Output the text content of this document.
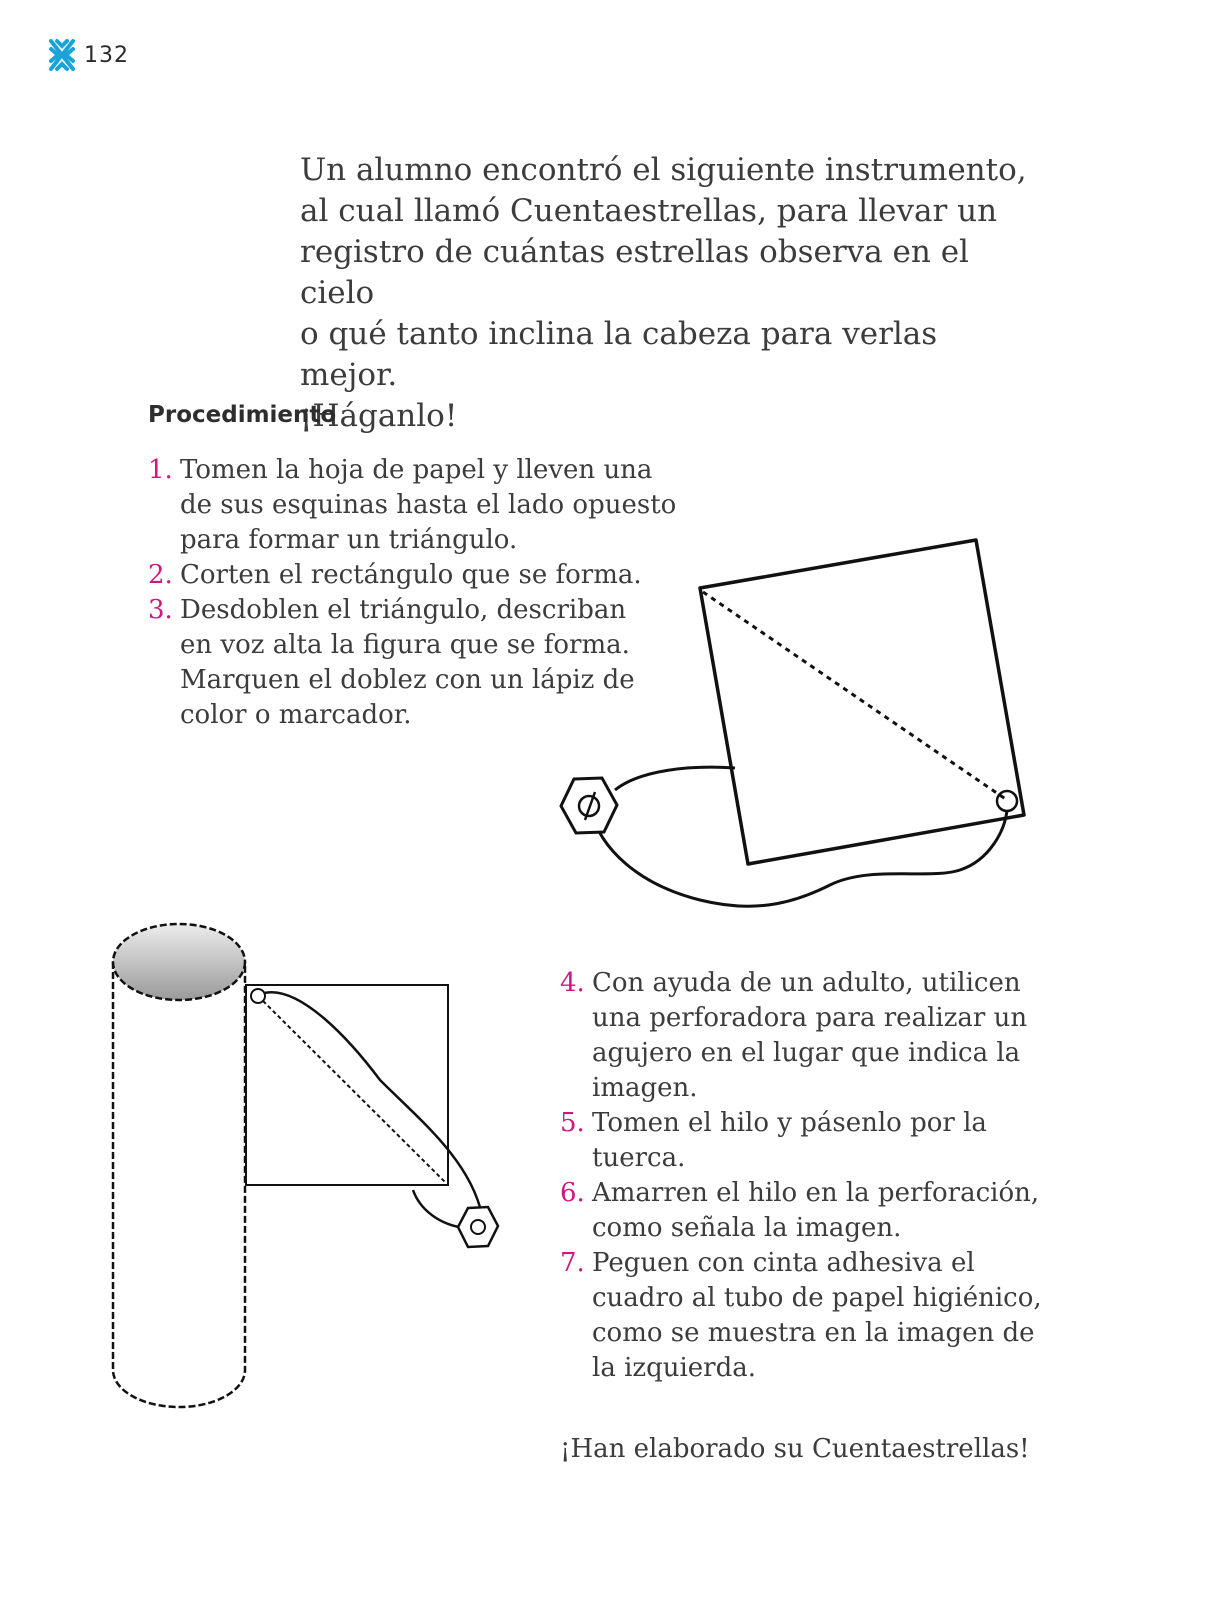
132

Un alumno encontró el siguiente instrumento,
al cual llamó Cuentaestrellas, para llevar un
registro de cuántas estrellas observa en el cielo
o qué tanto inclina la cabeza para verlas mejor.
¡Háganlo!

Procedimiento
1. Tomen la hoja de papel y lleven una
de sus esquinas hasta el lado opuesto
para formar un triángulo.
2. Corten el rectángulo que se forma.
3. Desdoblen el triángulo, describan
en voz alta la figura que se forma.
Marquen el doblez con un lápiz de
color o marcador.
4. Con ayuda de un adulto, utilicen
una perforadora para realizar un
agujero en el lugar que indica la
imagen.
5. Tomen el hilo y pásenlo por la
tuerca.
6. Amarren el hilo en la perforación,
como señala la imagen.
7. Peguen con cinta adhesiva el
cuadro al tubo de papel higiénico,
como se muestra en la imagen de
la izquierda.

¡Han elaborado su Cuentaestrellas!
